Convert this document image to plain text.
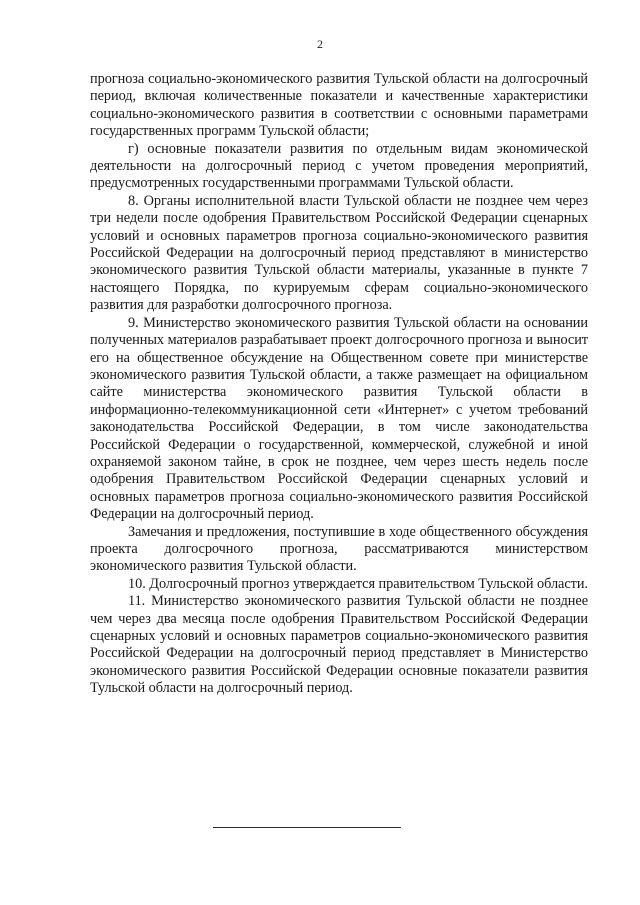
2

прогноза социально-экономического развития Тульской области на долгосрочный период, включая количественные показатели и качественные характеристики социально-экономического развития в соответствии с основными параметрами государственных программ Тульской области;

г) основные показатели развития по отдельным видам экономической деятельности на долгосрочный период с учетом проведения мероприятий, предусмотренных государственными программами Тульской области.

8. Органы исполнительной власти Тульской области не позднее чем через три недели после одобрения Правительством Российской Федерации сценарных условий и основных параметров прогноза социально-экономического развития Российской Федерации на долгосрочный период представляют в министерство экономического развития Тульской области материалы, указанные в пункте 7 настоящего Порядка, по курируемым сферам социально-экономического развития для разработки долгосрочного прогноза.

9. Министерство экономического развития Тульской области на основании полученных материалов разрабатывает проект долгосрочного прогноза и выносит его на общественное обсуждение на Общественном совете при министерстве экономического развития Тульской области, а также размещает на официальном сайте министерства экономического развития Тульской области в информационно-телекоммуникационной сети «Интернет» с учетом требований законодательства Российской Федерации, в том числе законодательства Российской Федерации о государственной, коммерческой, служебной и иной охраняемой законом тайне, в срок не позднее, чем через шесть недель после одобрения Правительством Российской Федерации сценарных условий и основных параметров прогноза социально-экономического развития Российской Федерации на долгосрочный период.

Замечания и предложения, поступившие в ходе общественного обсуждения проекта долгосрочного прогноза, рассматриваются министерством экономического развития Тульской области.

10. Долгосрочный прогноз утверждается правительством Тульской области.

11. Министерство экономического развития Тульской области не позднее чем через два месяца после одобрения Правительством Российской Федерации сценарных условий и основных параметров социально-экономического развития Российской Федерации на долгосрочный период представляет в Министерство экономического развития Российской Федерации основные показатели развития Тульской области на долгосрочный период.
